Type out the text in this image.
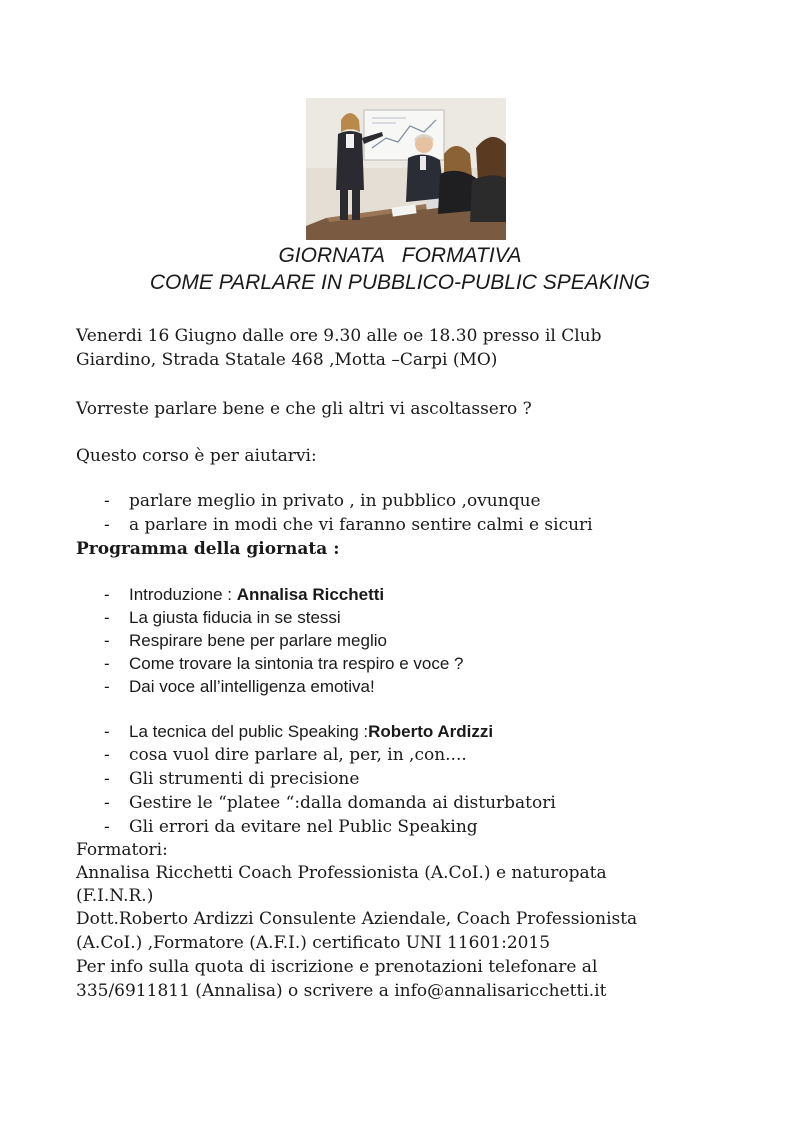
GIORNATA   FORMATIVA
COME PARLARE IN PUBBLICO-PUBLIC SPEAKING
Venerdi 16 Giugno dalle ore 9.30 alle oe 18.30 presso il Club
Giardino, Strada Statale 468 ,Motta –Carpi (MO)
Vorreste parlare bene e che gli altri vi ascoltassero ?
Questo corso è per aiutarvi:
- parlare meglio in privato , in pubblico ,ovunque
- a parlare in modi che vi faranno sentire calmi e sicuri
Programma della giornata :
- Introduzione : Annalisa Ricchetti
- La giusta fiducia in se stessi
- Respirare bene per parlare meglio
- Come trovare la sintonia tra respiro e voce ?
- Dai voce all’intelligenza emotiva!
- La tecnica del public Speaking :Roberto Ardizzi
- cosa vuol dire parlare al, per, in ,con....
- Gli strumenti di precisione
- Gestire le “platee “:dalla domanda ai disturbatori
- Gli errori da evitare nel Public Speaking
Formatori:
Annalisa Ricchetti Coach Professionista (A.CoI.) e naturopata
(F.I.N.R.)
Dott.Roberto Ardizzi Consulente Aziendale, Coach Professionista
(A.CoI.) ,Formatore (A.F.I.) certificato UNI 11601:2015
Per info sulla quota di iscrizione e prenotazioni telefonare al
335/6911811 (Annalisa) o scrivere a info@annalisaricchetti.it
